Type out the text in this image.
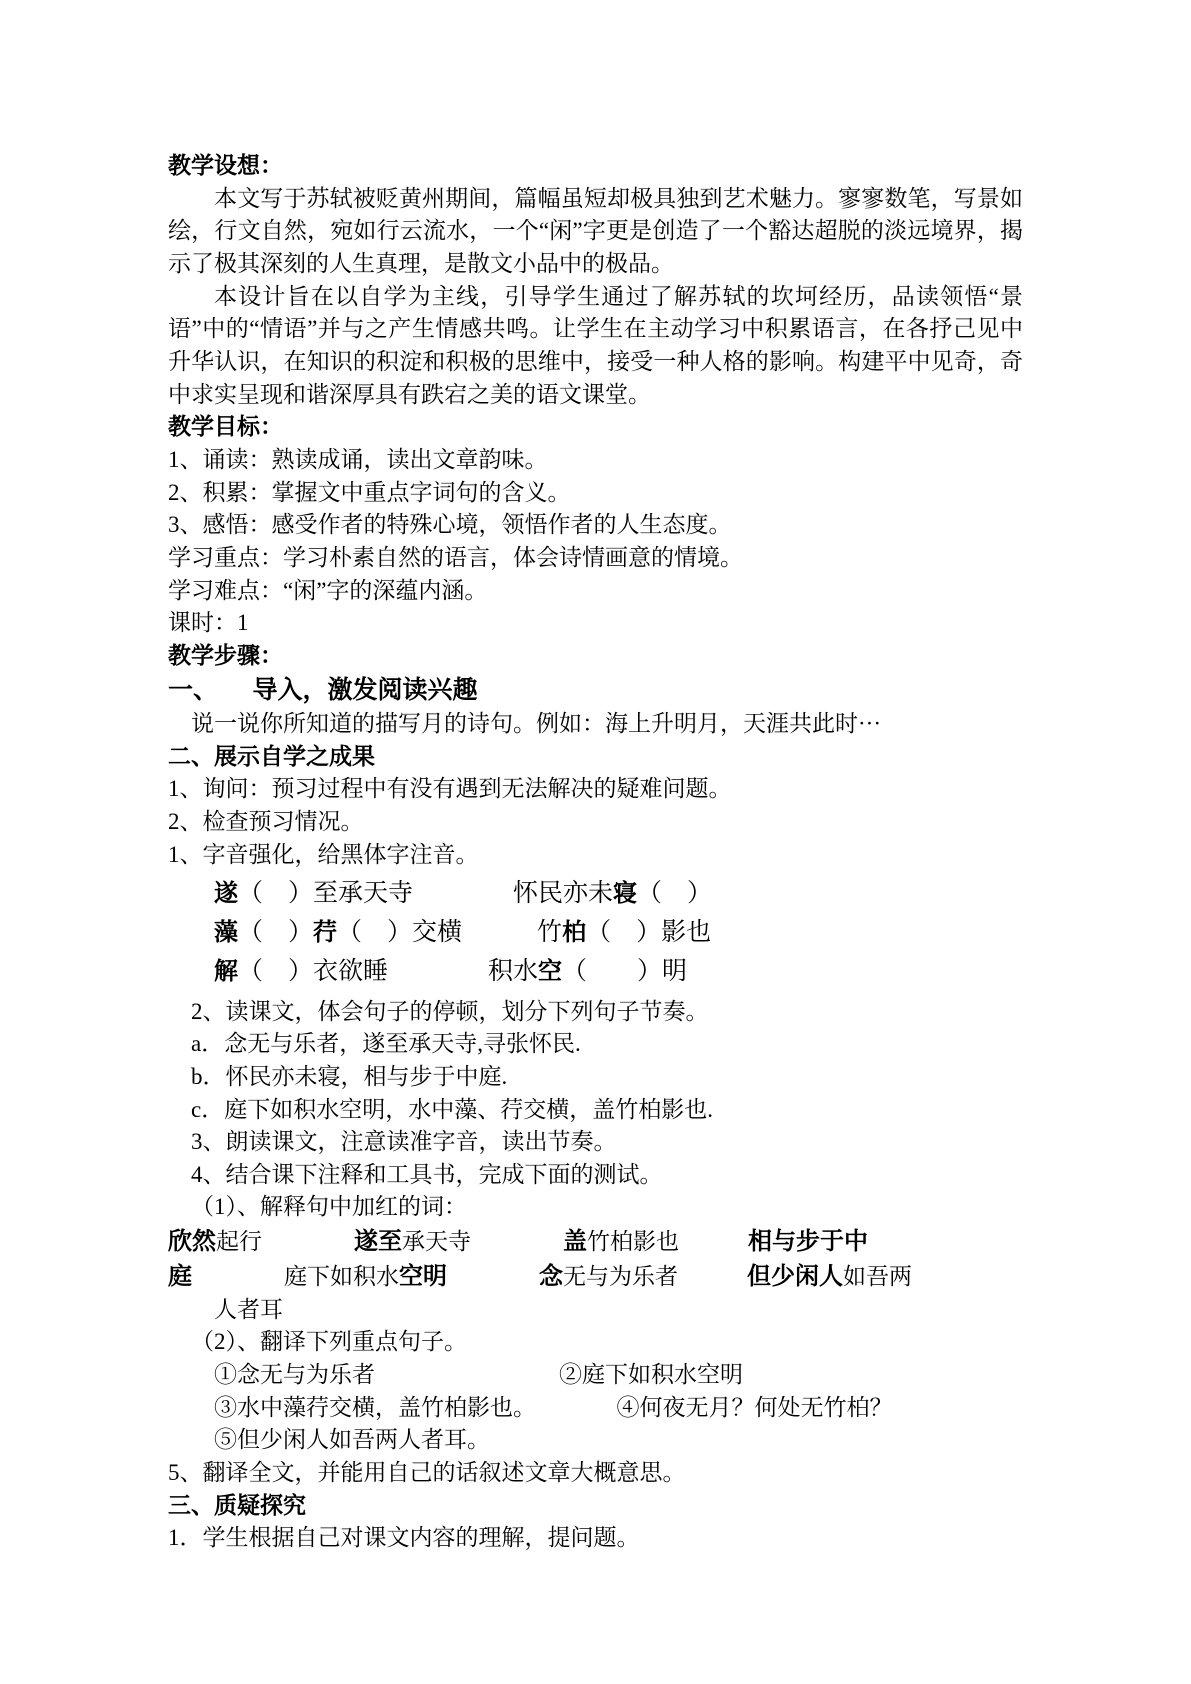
教学设想：
本文写于苏轼被贬黄州期间，篇幅虽短却极具独到艺术魅力。寥寥数笔，写景如绘，行文自然，宛如行云流水，一个“闲”字更是创造了一个豁达超脱的淡远境界，揭示了极其深刻的人生真理，是散文小品中的极品。
本设计旨在以自学为主线，引导学生通过了解苏轼的坎坷经历，品读领悟“景语”中的“情语”并与之产生情感共鸣。让学生在主动学习中积累语言，在各抒己见中升华认识，在知识的积淀和积极的思维中，接受一种人格的影响。构建平中见奇，奇中求实呈现和谐深厚具有跌宕之美的语文课堂。
教学目标：
1、诵读：熟读成诵，读出文章韵味。
2、积累：掌握文中重点字词句的含义。
3、感悟：感受作者的特殊心境，领悟作者的人生态度。
学习重点：学习朴素自然的语言，体会诗情画意的情境。
学习难点：“闲”字的深蕴内涵。
课时：1
教学步骤：
一、 导入，激发阅读兴趣
说一说你所知道的描写月的诗句。例如：海上升明月，天涯共此时···
二、展示自学之成果
1、询问：预习过程中有没有遇到无法解决的疑难问题。
2、检查预习情况。
1、字音强化，给黑体字注音。
遂（　）至承天寺　　　　	怀民亦未寝（　）
藻（　）荇（　）交横　　　	竹柏（　）影也
解（　）衣欲睡　　　　	积水空（　　）明
2、读课文，体会句子的停顿，划分下列句子节奏。
a．念无与乐者，遂至承天寺,寻张怀民.
b．怀民亦未寝，相与步于中庭.
c．庭下如积水空明，水中藻、荇交横，盖竹柏影也.
3、朗读课文，注意读准字音，读出节奏。
4、结合课下注释和工具书，完成下面的测试。
（1）、解释句中加红的词：
欣然起行　　　　	遂至承天寺　　　　	盖竹柏影也　　　	相与步于中
庭　　　　	庭下如积水空明　　　　	念无与为乐者　　　	但少闲人如吾两
人者耳
（2）、翻译下列重点句子。
①念无与为乐者　　　　　　　　	②庭下如积水空明
③水中藻荇交横，盖竹柏影也。　　　　	④何夜无月？何处无竹柏？
⑤但少闲人如吾两人者耳。
5、翻译全文，并能用自己的话叙述文章大概意思。
三、质疑探究
1．学生根据自己对课文内容的理解，提问题。
